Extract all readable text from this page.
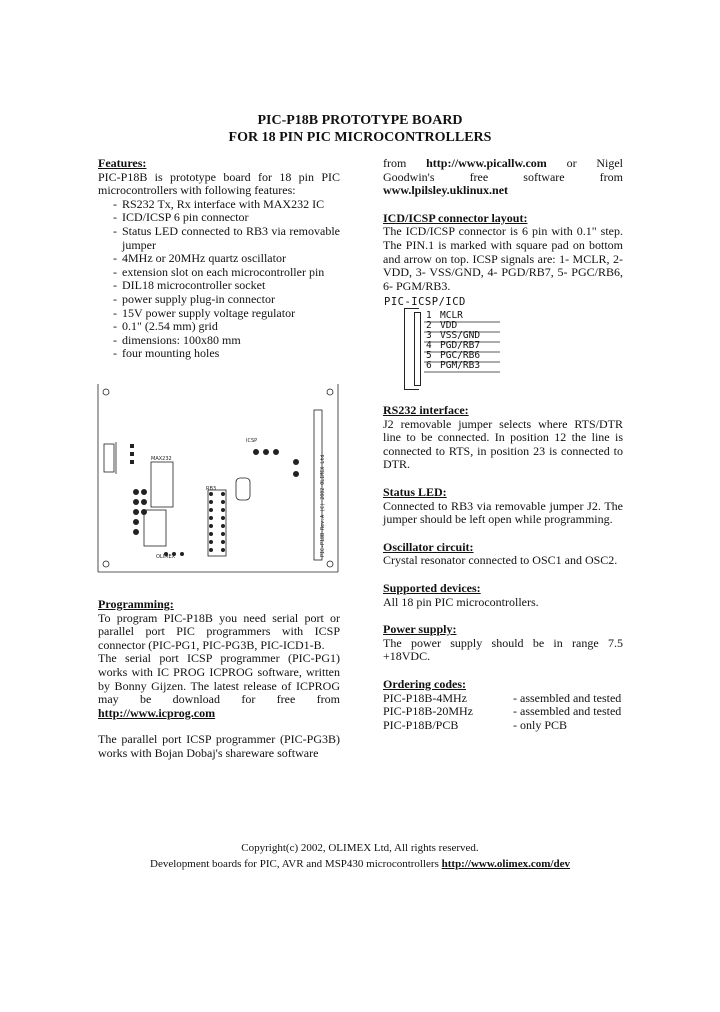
PIC-P18B PROTOTYPE BOARD
FOR 18 PIN PIC MICROCONTROLLERS
Features:
PIC-P18B is prototype board for 18 pin PIC microcontrollers with following features:
- RS232 Tx, Rx interface with MAX232 IC
- ICD/ICSP 6 pin connector
- Status LED connected to RB3 via removable jumper
- 4MHz or 20MHz quartz oscillator
- extension slot on each microcontroller pin
- DIL18 microcontroller socket
- power supply plug-in connector
- 15V power supply voltage regulator
- 0.1" (2.54 mm) grid
- dimensions: 100x80 mm
- four mounting holes
PIC-P18B Rev.A (C) 2002 OLIMEX Ltd
RB3
OLIMEX
ICSP
MAX232
Programming:
To program PIC-P18B you need serial port or parallel port PIC programmers with ICSP connector (PIC-PG1, PIC-PG3B, PIC-ICD1-B.
The serial port ICSP programmer (PIC-PG1) works with IC PROG ICPROG software, written by Bonny Gijzen. The latest release of ICPROG may be download for free from http://www.icprog.com
The parallel port ICSP programmer (PIC-PG3B) works with Bojan Dobaj's shareware software
from http://www.picallw.com or Nigel Goodwin's free software from www.lpilsley.uklinux.net
ICD/ICSP connector layout:
The ICD/ICSP connector is 6 pin with 0.1" step. The PIN.1 is marked with square pad on bottom and arrow on top. ICSP signals are: 1- MCLR, 2- VDD, 3- VSS/GND, 4- PGD/RB7, 5- PGC/RB6, 6- PGM/RB3.
PIC-ICSP/ICD
1 MCLR
2 VDD
3 VSS/GND
4 PGD/RB7
5 PGC/RB6
6 PGM/RB3
RS232 interface:
J2 removable jumper selects where RTS/DTR line to be connected. In position 12 the line is connected to RTS, in position 23 is connected to DTR.
Status LED:
Connected to RB3 via removable jumper J2. The jumper should be left open while programming.
Oscillator circuit:
Crystal resonator connected to OSC1 and OSC2.
Supported devices:
All 18 pin PIC microcontrollers.
Power supply:
The power supply should be in range 7.5 +18VDC.
Ordering codes:
PIC-P18B-4MHz	- assembled and tested
PIC-P18B-20MHz	- assembled and tested
PIC-P18B/PCB	- only PCB
Copyright(c) 2002, OLIMEX Ltd, All rights reserved.
Development boards for PIC, AVR and MSP430 microcontrollers http://www.olimex.com/dev
